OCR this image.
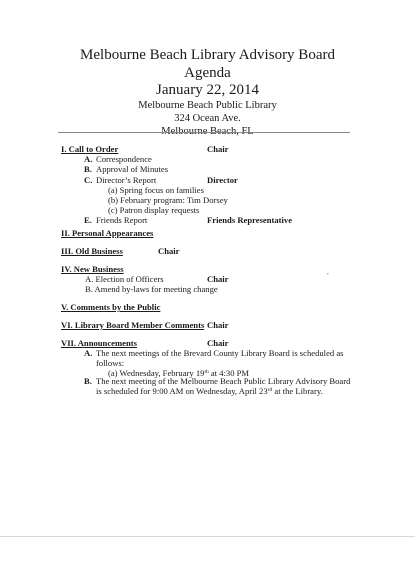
Melbourne Beach Library Advisory Board
Agenda
January 22, 2014
Melbourne Beach Public Library
324 Ocean Ave.
Melbourne Beach, FL
I. Call to Order	Chair
A. Correspondence
B. Approval of Minutes
C. Director’s Report	Director
(a) Spring focus on families
(b) February program: Tim Dorsey
(c) Patron display requests
E. Friends Report	Friends Representative
II. Personal Appearances
III. Old Business	Chair
IV. New Business
A. Election of Officers	Chair
B. Amend by-laws for meeting change
V. Comments by the Public
VI. Library Board Member Comments Chair
VII. Announcements	Chair
A. The next meetings of the Brevard County Library Board is scheduled as follows:
(a) Wednesday, February 19th at 4:30 PM
B. The next meeting of the Melbourne Beach Public Library Advisory Board is scheduled for 9:00 AM on Wednesday, April 23rd at the Library.
,
